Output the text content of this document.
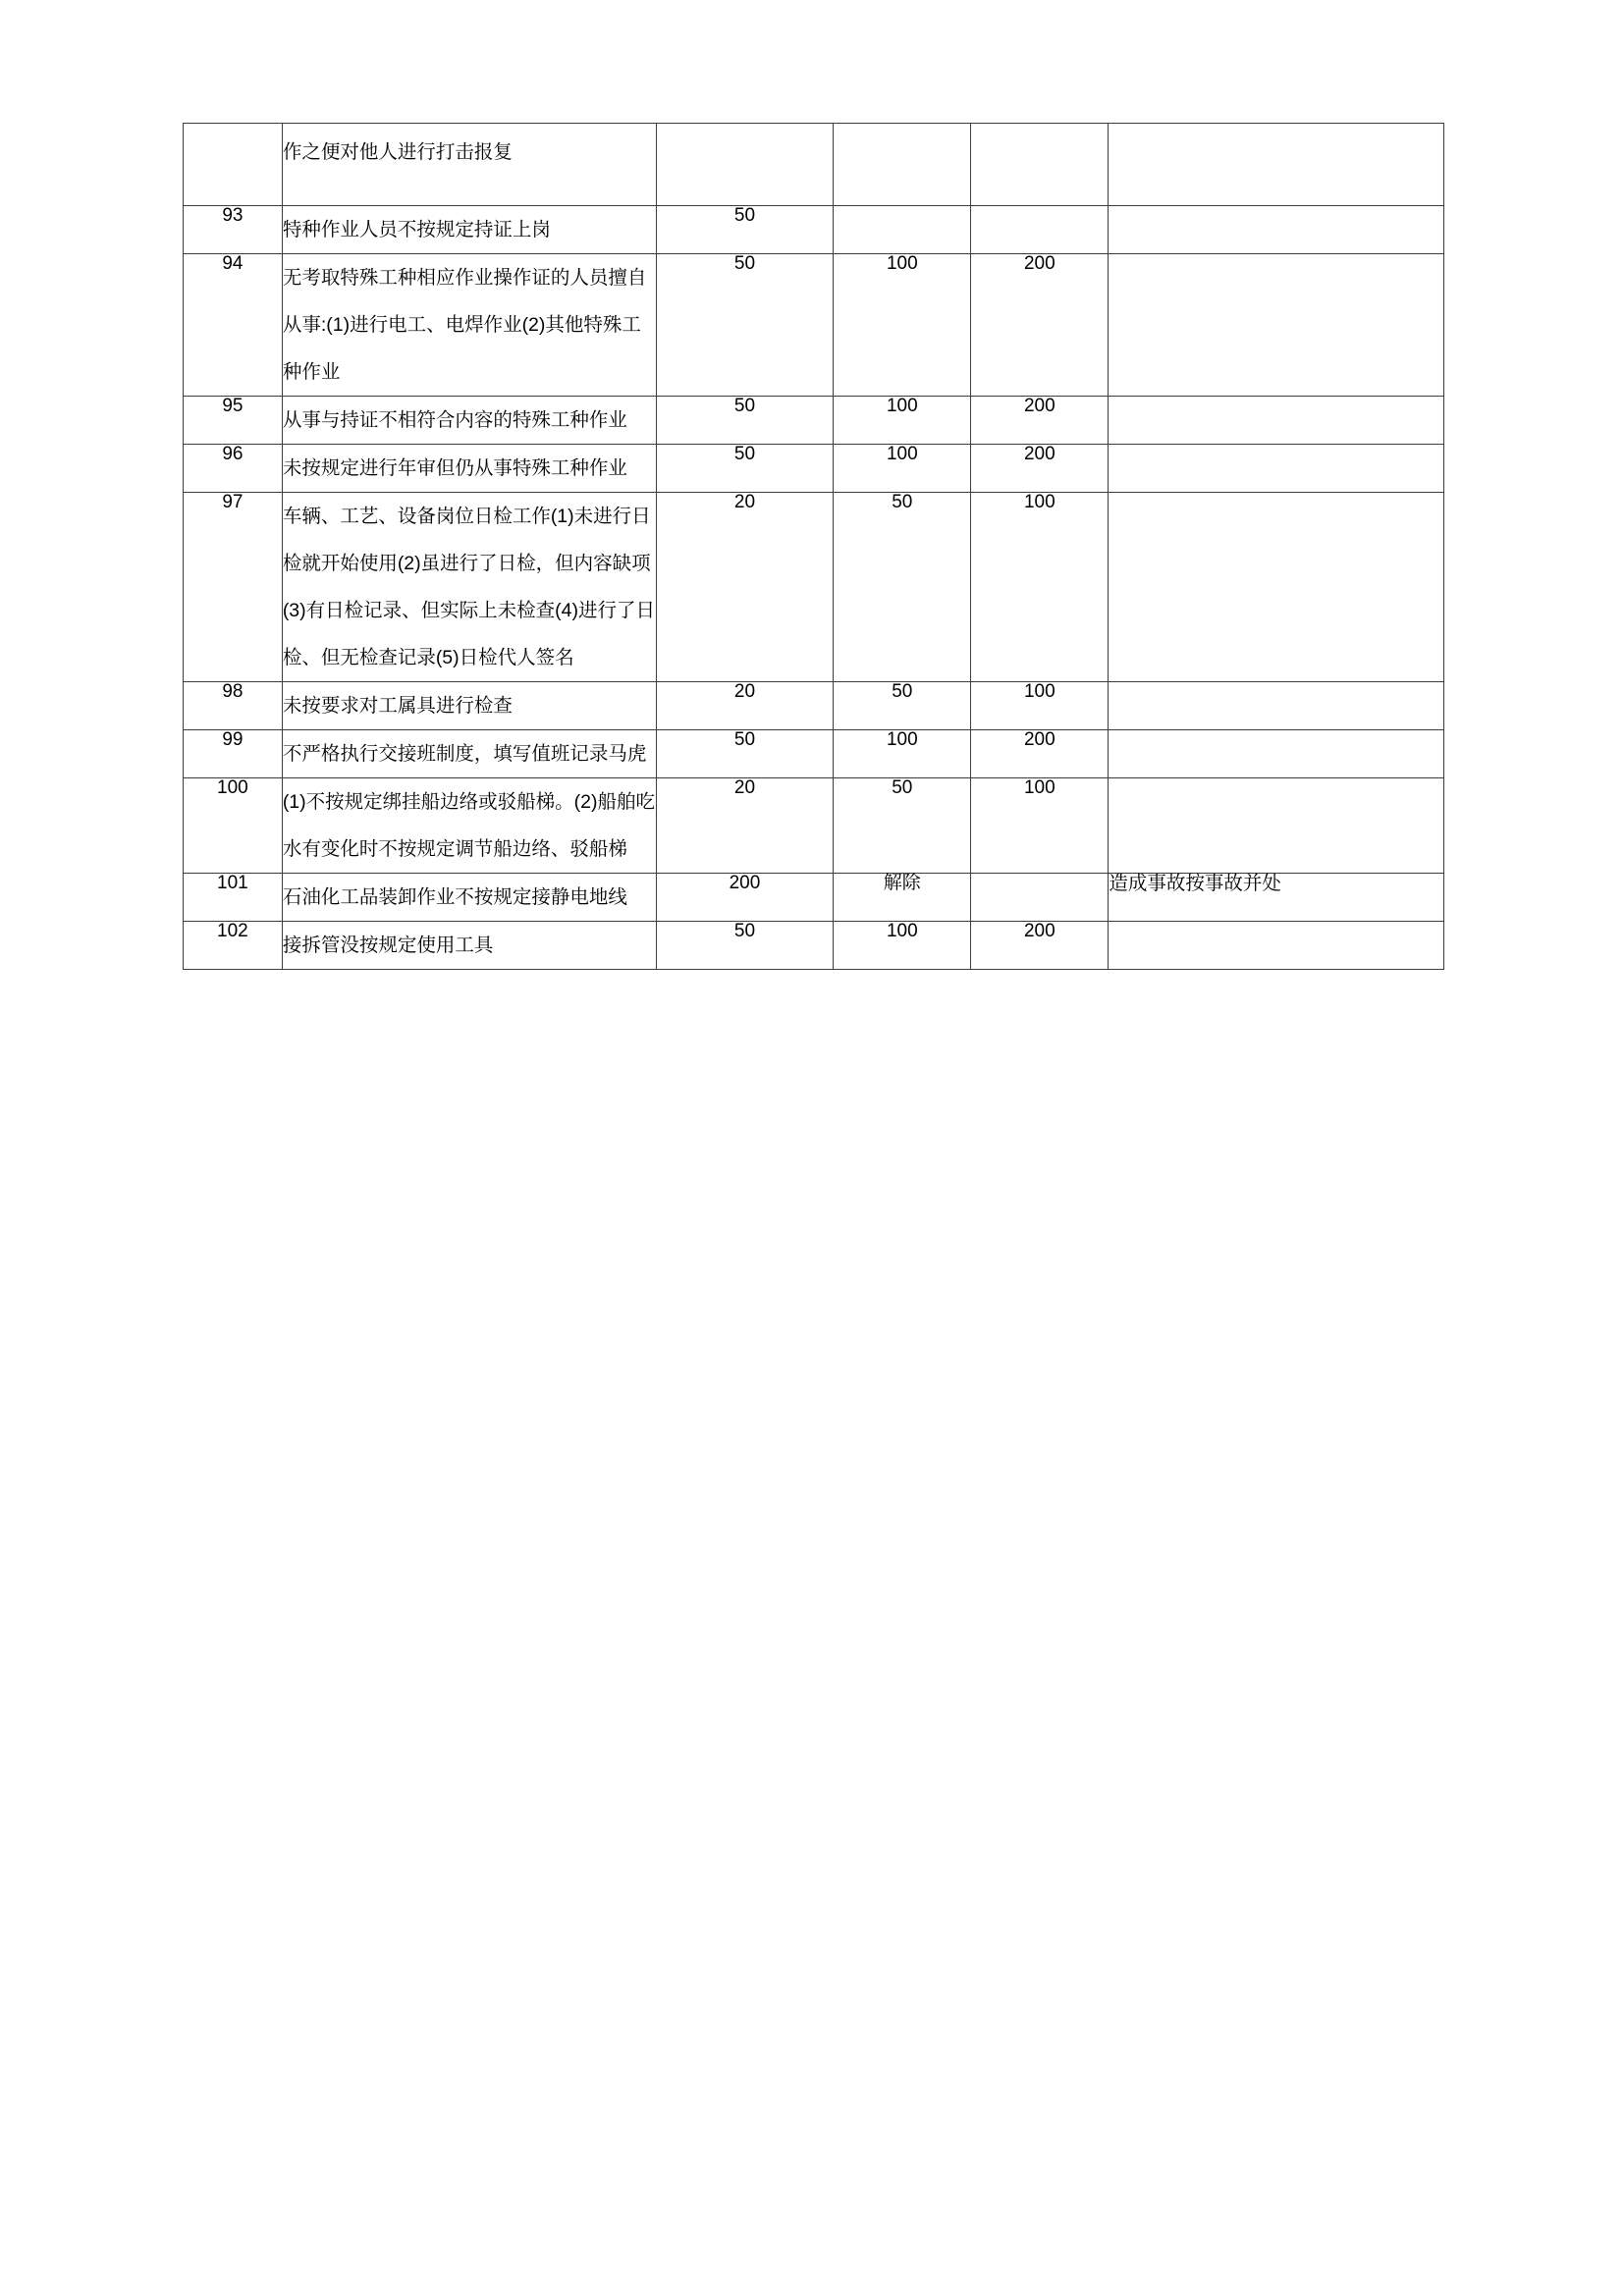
	作之便对他人进行打击报复				
93	特种作业人员不按规定持证上岗	50			
94	无考取特殊工种相应作业操作证的人员擅自从事:(1)进行电工、电焊作业(2)其他特殊工种作业	50	100	200	
95	从事与持证不相符合内容的特殊工种作业	50	100	200	
96	未按规定进行年审但仍从事特殊工种作业	50	100	200	
97	车辆、工艺、设备岗位日检工作(1)未进行日检就开始使用(2)虽进行了日检，但内容缺项(3)有日检记录、但实际上未检查(4)进行了日检、但无检查记录(5)日检代人签名	20	50	100	
98	未按要求对工属具进行检查	20	50	100	
99	不严格执行交接班制度，填写值班记录马虎	50	100	200	
100	(1)不按规定绑挂船边络或驳船梯。(2)船舶吃水有变化时不按规定调节船边络、驳船梯	20	50	100	
101	石油化工品装卸作业不按规定接静电地线	200	解除		造成事故按事故并处
102	接拆管没按规定使用工具	50	100	200	
